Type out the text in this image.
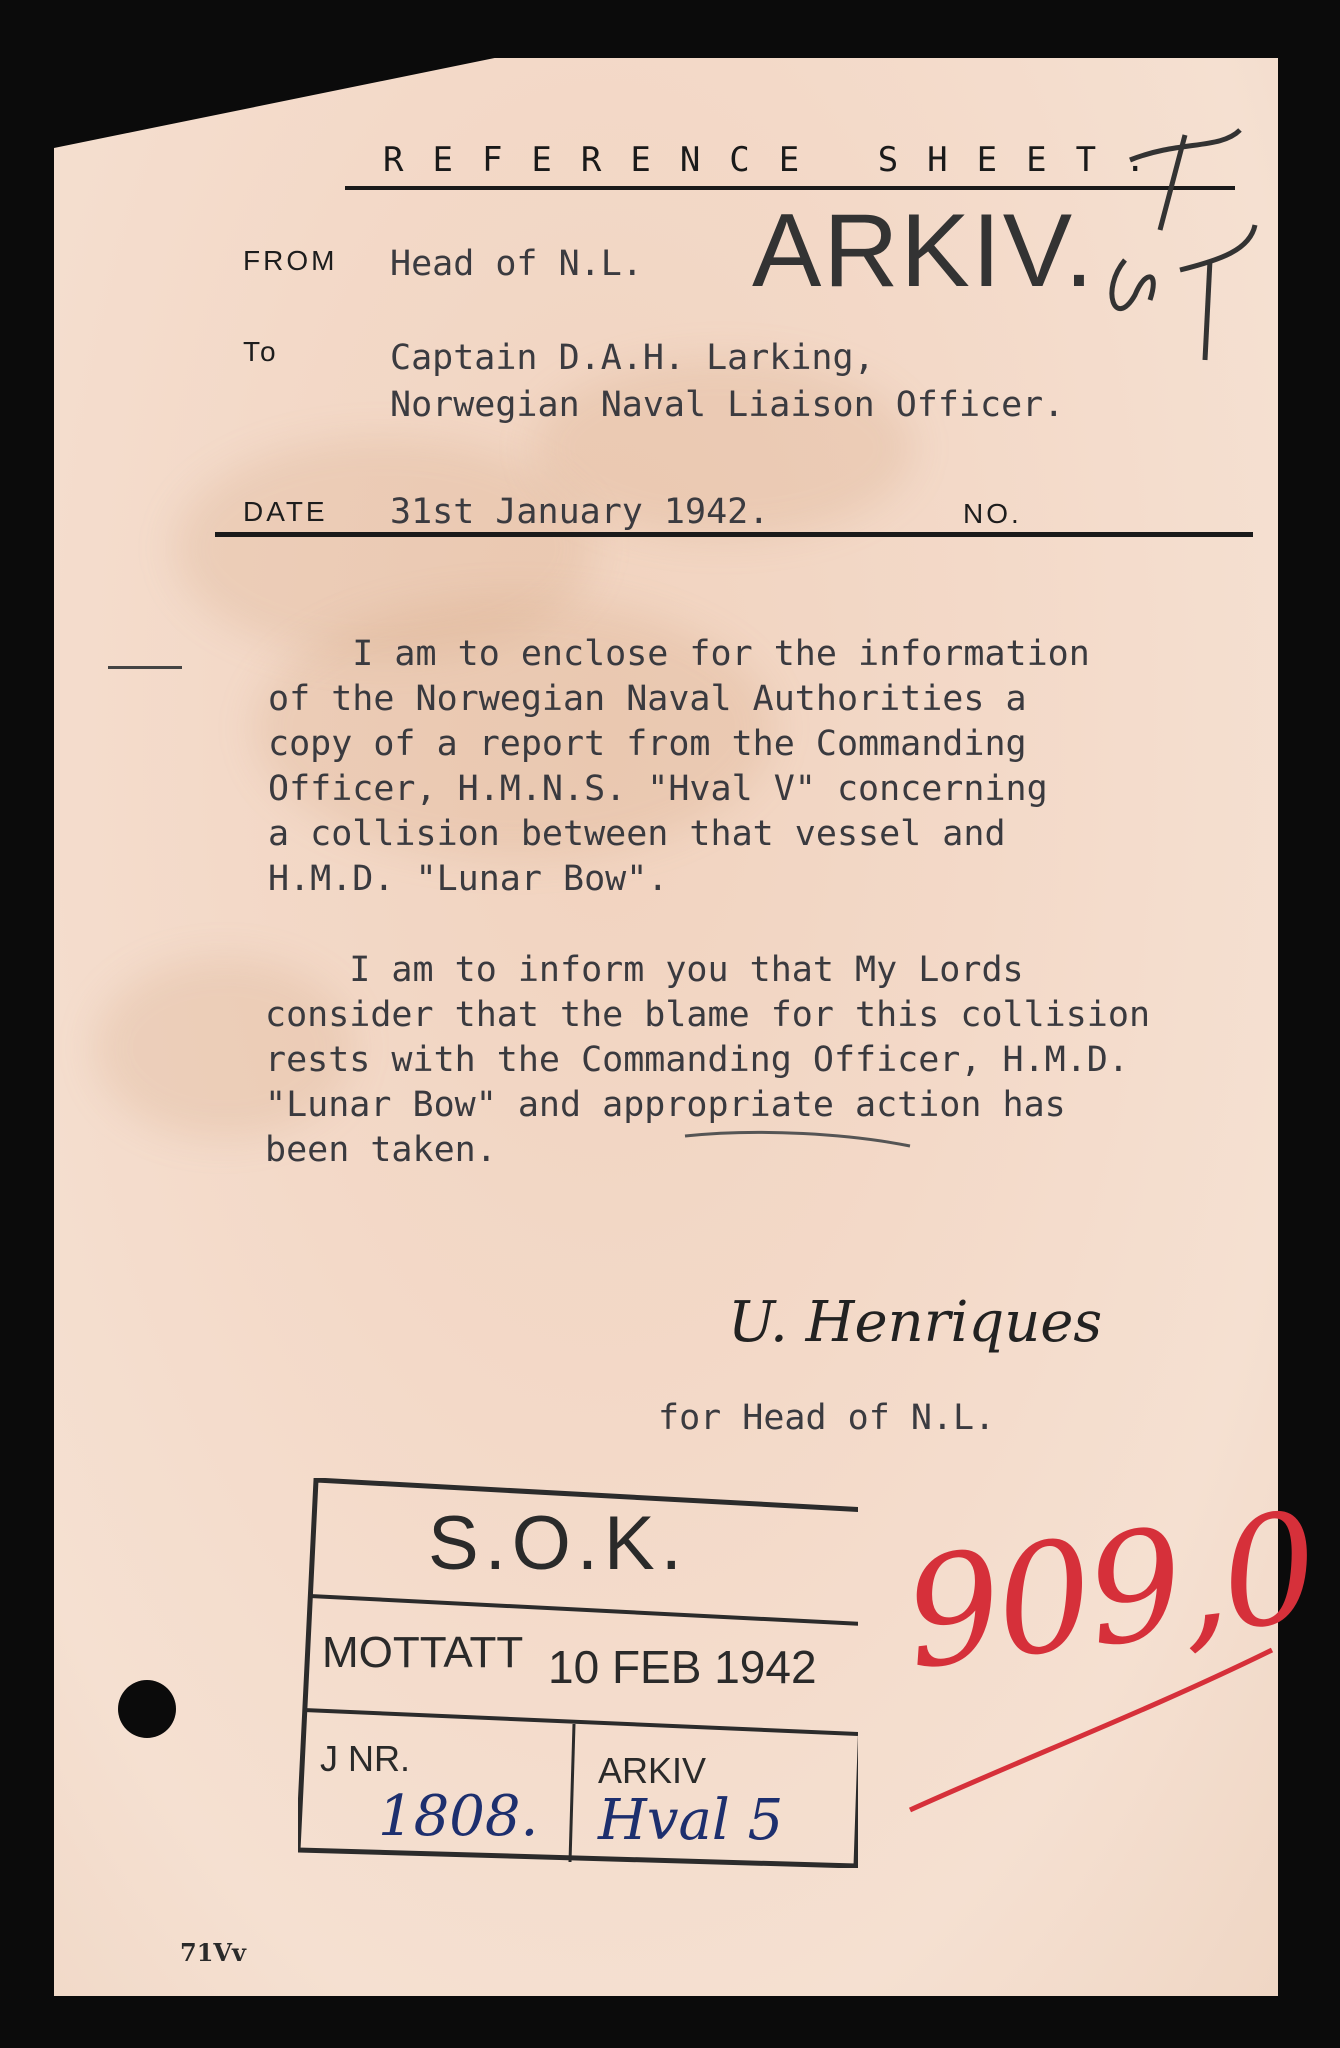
REFERENCE SHEET.
ARKIV.
FROM Head of N.L.
To	Captain D.A.H. Larking,
Norwegian Naval Liaison Officer.
DATE 31st January 1942.	NO.
I am to enclose for the information
of the Norwegian Naval Authorities a
copy of a report from the Commanding
Officer, H.M.N.S. "Hval V" concerning
a collision between that vessel and
H.M.D. "Lunar Bow".
I am to inform you that My Lords
consider that the blame for this collision
rests with the Commanding Officer, H.M.D.
"Lunar Bow" and appropriate action has
been taken.
U. Henriques
for Head of N.L.
S.O.K.
MOTTATT 10 FEB 1942
J NR.	ARKIV
1808. Hval 5
909,0
71Vv
